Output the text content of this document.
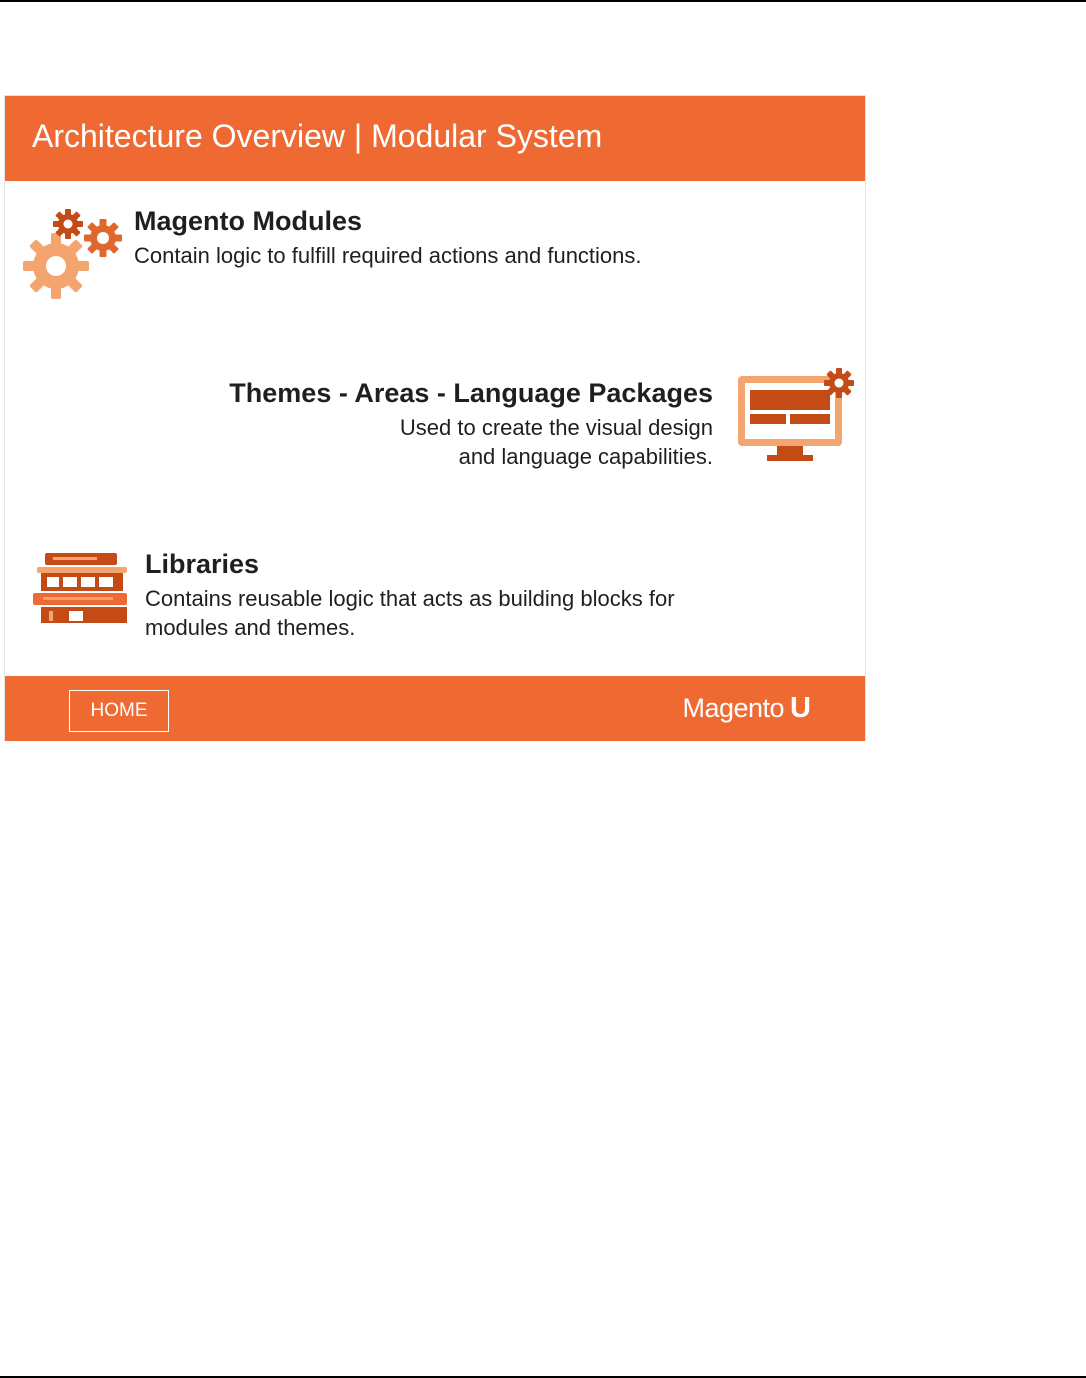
Architecture Overview | Modular System
Magento Modules

Contain logic to fulfill required actions and functions.

Themes - Areas - Language Packages

Used to create the visual design
and language capabilities.

Libraries

Contains reusable logic that acts as building blocks for
modules and themes.

HOME	Magento U
